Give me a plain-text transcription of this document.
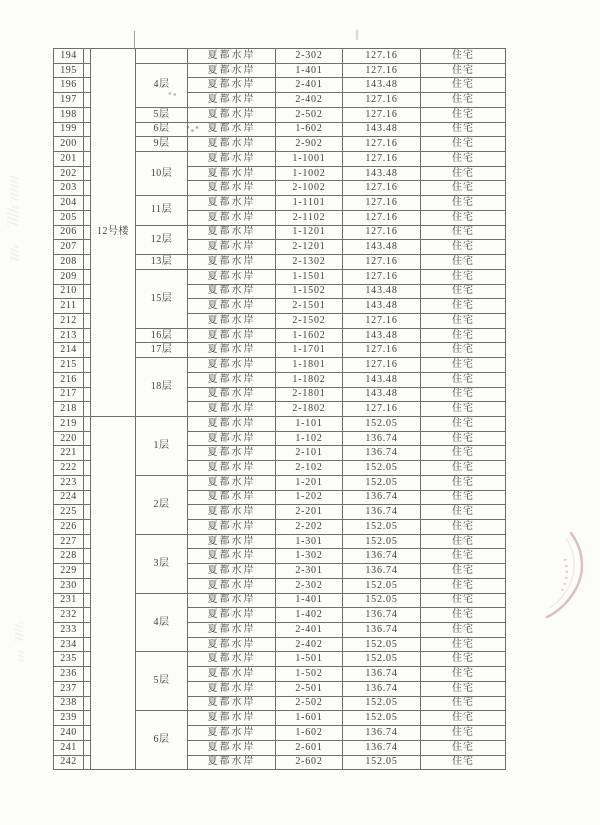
194		12号楼		夏都水岸	2-302	127.16	住宅
195			4层	夏都水岸	1-401	127.16	住宅
196				夏都水岸	2-401	143.48	住宅
197				夏都水岸	2-402	127.16	住宅
198			5层	夏都水岸	2-502	127.16	住宅
199			6层	夏都水岸	1-602	143.48	住宅
200			9层	夏都水岸	2-902	127.16	住宅
201			10层	夏都水岸	1-1001	127.16	住宅
202				夏都水岸	1-1002	143.48	住宅
203				夏都水岸	2-1002	127.16	住宅
204			11层	夏都水岸	1-1101	127.16	住宅
205				夏都水岸	2-1102	127.16	住宅
206			12层	夏都水岸	1-1201	127.16	住宅
207				夏都水岸	2-1201	143.48	住宅
208			13层	夏都水岸	2-1302	127.16	住宅
209			15层	夏都水岸	1-1501	127.16	住宅
210				夏都水岸	1-1502	143.48	住宅
211				夏都水岸	2-1501	143.48	住宅
212				夏都水岸	2-1502	127.16	住宅
213			16层	夏都水岸	1-1602	143.48	住宅
214			17层	夏都水岸	1-1701	127.16	住宅
215			18层	夏都水岸	1-1801	127.16	住宅
216				夏都水岸	1-1802	143.48	住宅
217				夏都水岸	2-1801	143.48	住宅
218				夏都水岸	2-1802	127.16	住宅
219			1层	夏都水岸	1-101	152.05	住宅
220				夏都水岸	1-102	136.74	住宅
221				夏都水岸	2-101	136.74	住宅
222				夏都水岸	2-102	152.05	住宅
223			2层	夏都水岸	1-201	152.05	住宅
224				夏都水岸	1-202	136.74	住宅
225				夏都水岸	2-201	136.74	住宅
226				夏都水岸	2-202	152.05	住宅
227			3层	夏都水岸	1-301	152.05	住宅
228				夏都水岸	1-302	136.74	住宅
229				夏都水岸	2-301	136.74	住宅
230				夏都水岸	2-302	152.05	住宅
231			4层	夏都水岸	1-401	152.05	住宅
232				夏都水岸	1-402	136.74	住宅
233				夏都水岸	2-401	136.74	住宅
234				夏都水岸	2-402	152.05	住宅
235			5层	夏都水岸	1-501	152.05	住宅
236				夏都水岸	1-502	136.74	住宅
237				夏都水岸	2-501	136.74	住宅
238				夏都水岸	2-502	152.05	住宅
239			6层	夏都水岸	1-601	152.05	住宅
240				夏都水岸	1-602	136.74	住宅
241				夏都水岸	2-601	136.74	住宅
242				夏都水岸	2-602	152.05	住宅
